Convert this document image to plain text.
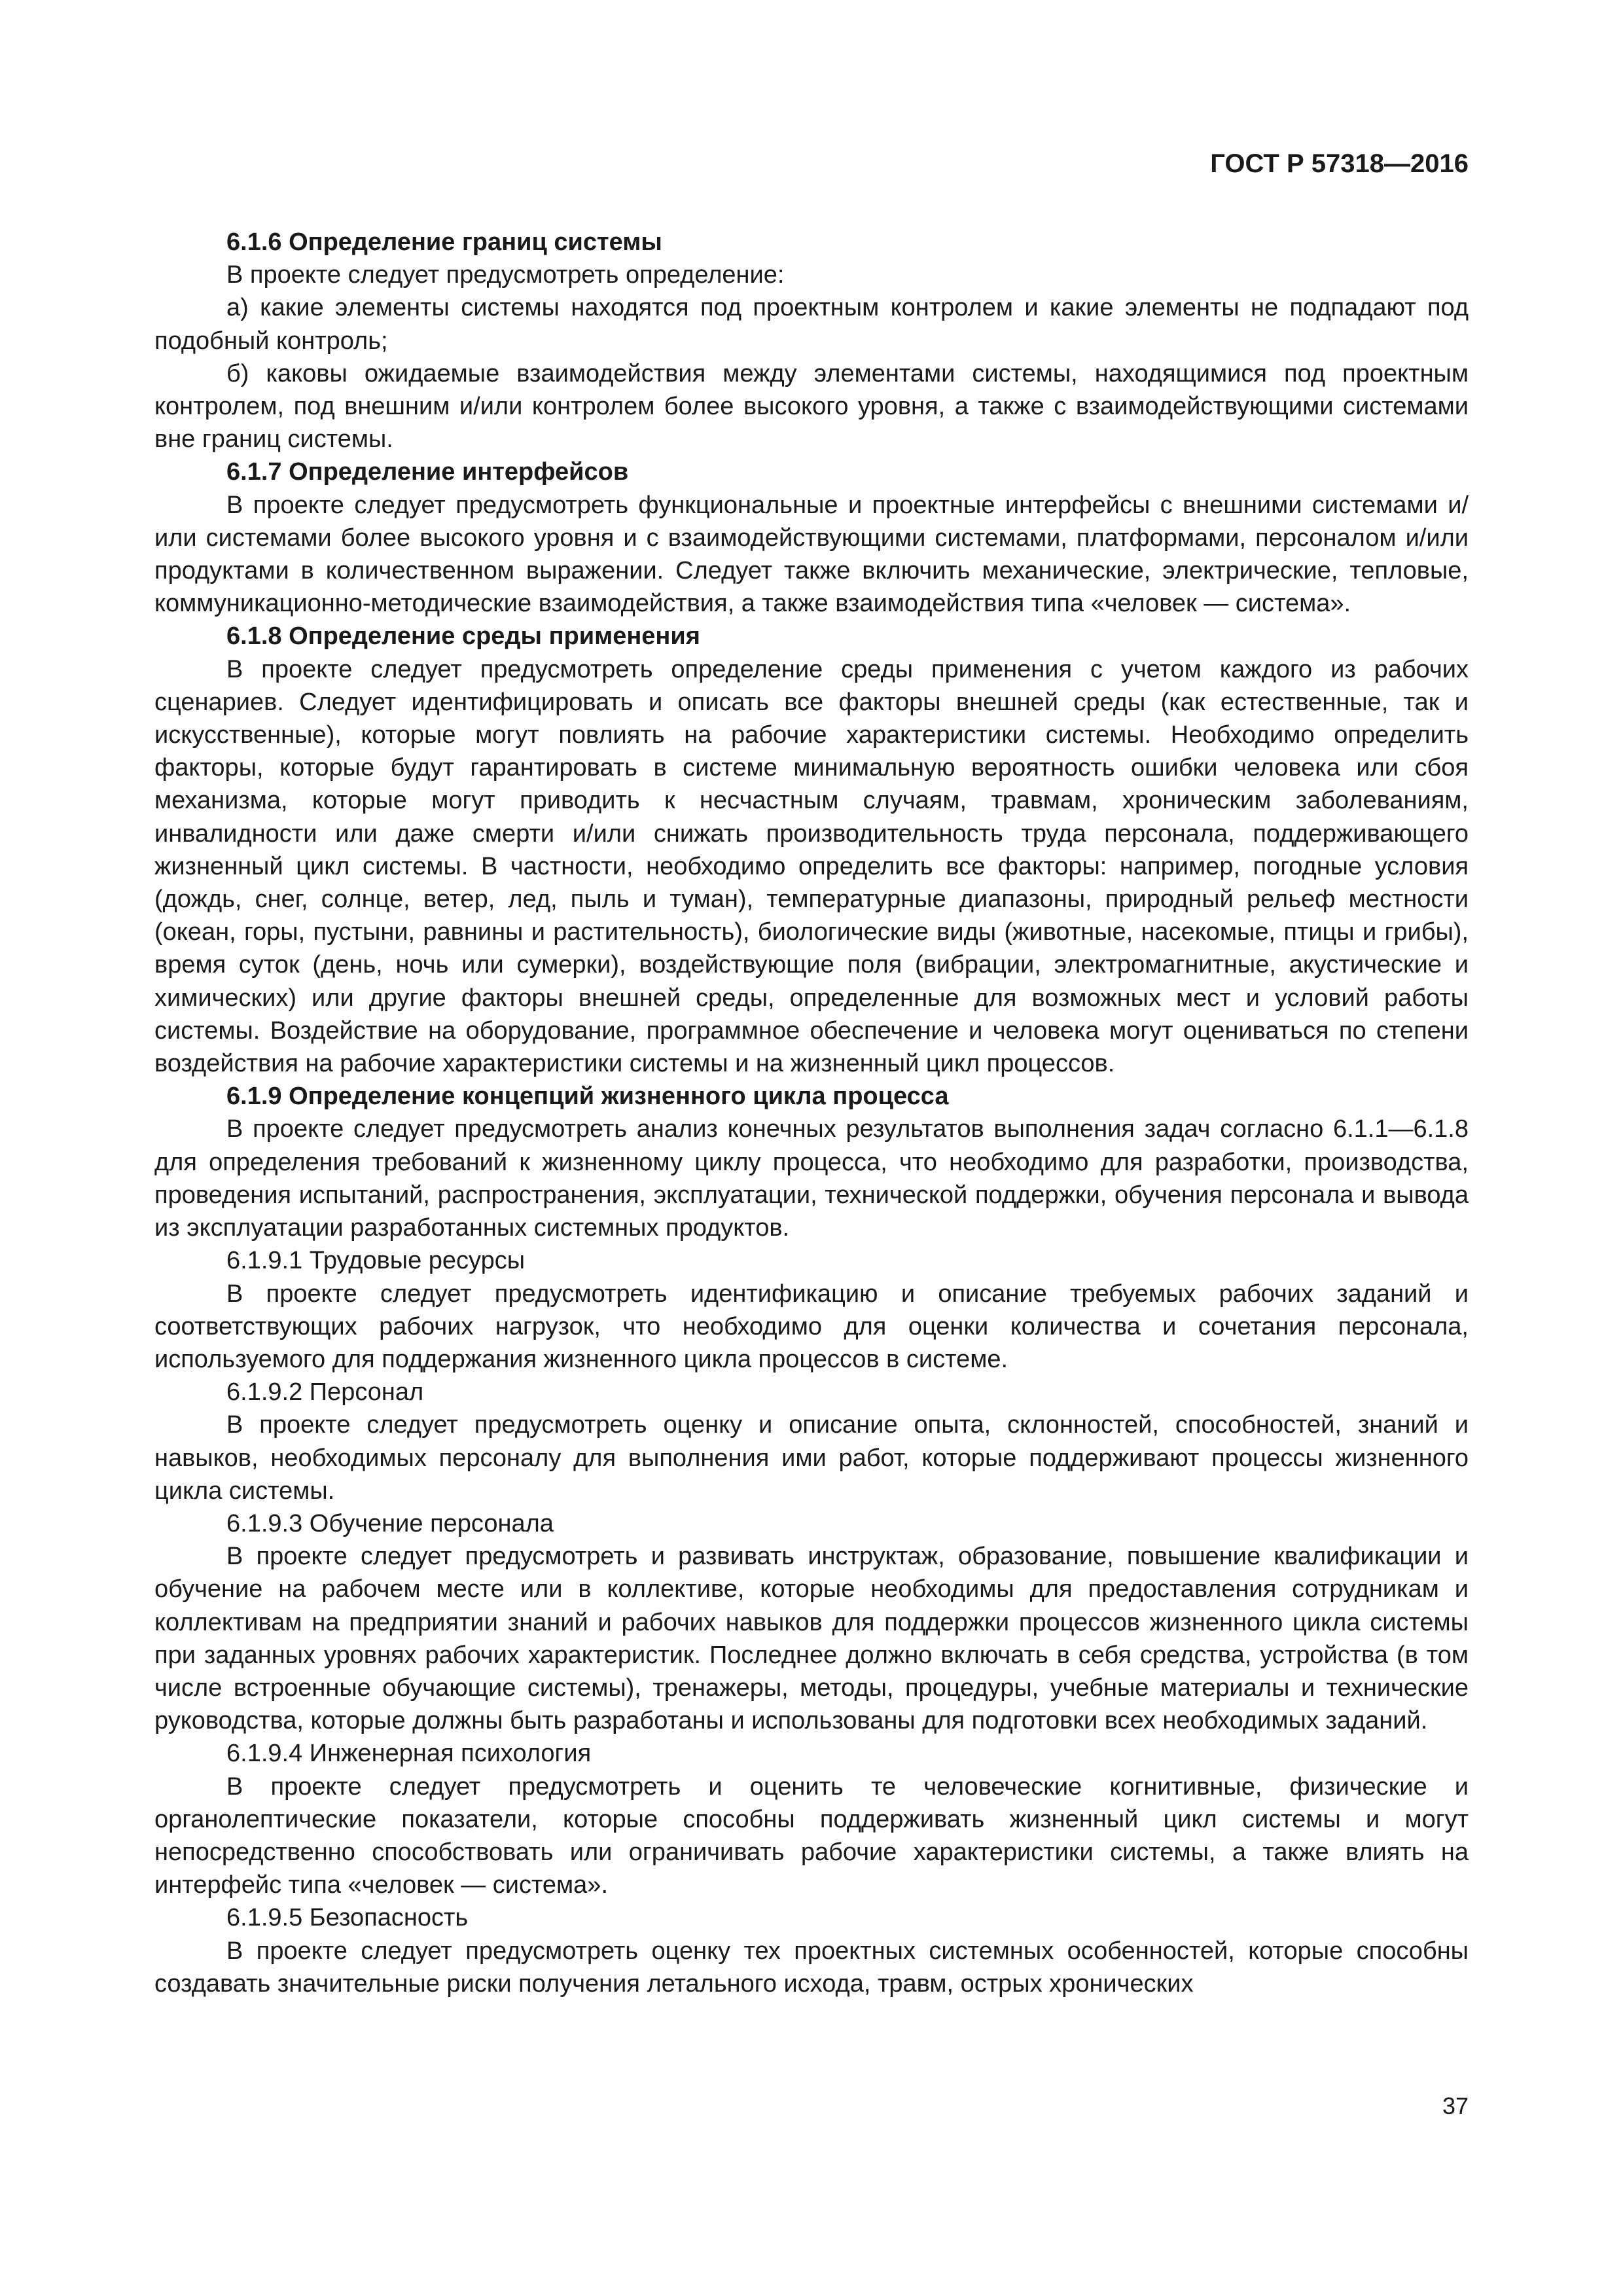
ГОСТ Р 57318—2016

6.1.6 Определение границ системы

В проекте следует предусмотреть определение:

а) какие элементы системы находятся под проектным контролем и какие элементы не подпадают под подобный контроль;

б) каковы ожидаемые взаимодействия между элементами системы, находящимися под проектным контролем, под внешним и/или контролем более высокого уровня, а также с взаимодействующими системами вне границ системы.

6.1.7 Определение интерфейсов

В проекте следует предусмотреть функциональные и проектные интерфейсы с внешними системами и/или системами более высокого уровня и с взаимодействующими системами, платформами, персоналом и/или продуктами в количественном выражении. Следует также включить механические, электрические, тепловые, коммуникационно-методические взаимодействия, а также взаимодействия типа «человек — система».

6.1.8 Определение среды применения

В проекте следует предусмотреть определение среды применения с учетом каждого из рабочих сценариев. Следует идентифицировать и описать все факторы внешней среды (как естественные, так и искусственные), которые могут повлиять на рабочие характеристики системы. Необходимо определить факторы, которые будут гарантировать в системе минимальную вероятность ошибки человека или сбоя механизма, которые могут приводить к несчастным случаям, травмам, хроническим заболеваниям, инвалидности или даже смерти и/или снижать производительность труда персонала, поддерживающего жизненный цикл системы. В частности, необходимо определить все факторы: например, погодные условия (дождь, снег, солнце, ветер, лед, пыль и туман), температурные диапазоны, природный рельеф местности (океан, горы, пустыни, равнины и растительность), биологические виды (животные, насекомые, птицы и грибы), время суток (день, ночь или сумерки), воздействующие поля (вибрации, электромагнитные, акустические и химических) или другие факторы внешней среды, определенные для возможных мест и условий работы системы. Воздействие на оборудование, программное обеспечение и человека могут оцениваться по степени воздействия на рабочие характеристики системы и на жизненный цикл процессов.

6.1.9 Определение концепций жизненного цикла процесса

В проекте следует предусмотреть анализ конечных результатов выполнения задач согласно 6.1.1—6.1.8 для определения требований к жизненному циклу процесса, что необходимо для разработки, производства, проведения испытаний, распространения, эксплуатации, технической поддержки, обучения персонала и вывода из эксплуатации разработанных системных продуктов.

6.1.9.1 Трудовые ресурсы

В проекте следует предусмотреть идентификацию и описание требуемых рабочих заданий и соответствующих рабочих нагрузок, что необходимо для оценки количества и сочетания персонала, используемого для поддержания жизненного цикла процессов в системе.

6.1.9.2 Персонал

В проекте следует предусмотреть оценку и описание опыта, склонностей, способностей, знаний и навыков, необходимых персоналу для выполнения ими работ, которые поддерживают процессы жизненного цикла системы.

6.1.9.3 Обучение персонала

В проекте следует предусмотреть и развивать инструктаж, образование, повышение квалификации и обучение на рабочем месте или в коллективе, которые необходимы для предоставления сотрудникам и коллективам на предприятии знаний и рабочих навыков для поддержки процессов жизненного цикла системы при заданных уровнях рабочих характеристик. Последнее должно включать в себя средства, устройства (в том числе встроенные обучающие системы), тренажеры, методы, процедуры, учебные материалы и технические руководства, которые должны быть разработаны и использованы для подготовки всех необходимых заданий.

6.1.9.4 Инженерная психология

В проекте следует предусмотреть и оценить те человеческие когнитивные, физические и органолептические показатели, которые способны поддерживать жизненный цикл системы и могут непосредственно способствовать или ограничивать рабочие характеристики системы, а также влиять на интерфейс типа «человек — система».

6.1.9.5 Безопасность

В проекте следует предусмотреть оценку тех проектных системных особенностей, которые способны создавать значительные риски получения летального исхода, травм, острых хронических

37
